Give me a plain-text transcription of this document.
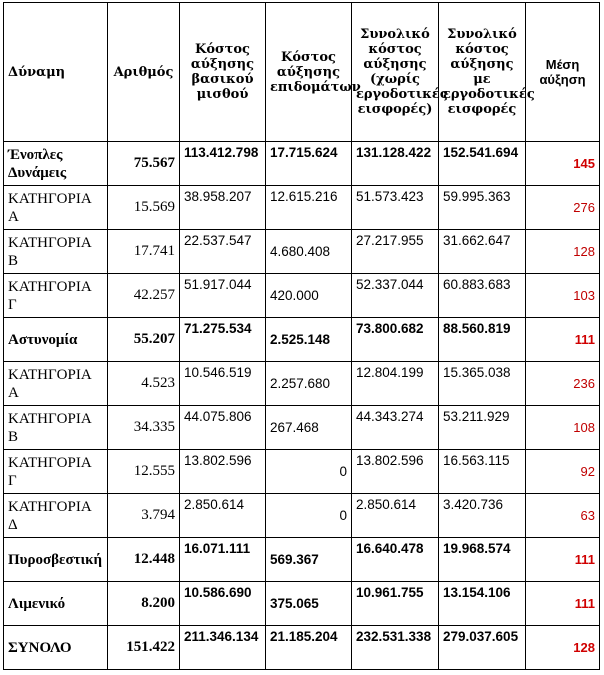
Δύναμη	Αριθμός	Κόστος αύξησης βασικού μισθού	Κόστος αύξησης επιδομάτων	Συνολικό κόστος αύξησης (χωρίς εργοδοτικές εισφορές)	Συνολικό κόστος αύξησης με εργοδοτικές εισφορές	Μέση αύξηση
Ένοπλες Δυνάμεις	75.567	113.412.798	17.715.624	131.128.422	152.541.694	145
ΚΑΤΗΓΟΡΙΑ Α	15.569	38.958.207	12.615.216	51.573.423	59.995.363	276
ΚΑΤΗΓΟΡΙΑ Β	17.741	22.537.547	4.680.408	27.217.955	31.662.647	128
ΚΑΤΗΓΟΡΙΑ Γ	42.257	51.917.044	420.000	52.337.044	60.883.683	103
Αστυνομία	55.207	71.275.534	2.525.148	73.800.682	88.560.819	111
ΚΑΤΗΓΟΡΙΑ Α	4.523	10.546.519	2.257.680	12.804.199	15.365.038	236
ΚΑΤΗΓΟΡΙΑ Β	34.335	44.075.806	267.468	44.343.274	53.211.929	108
ΚΑΤΗΓΟΡΙΑ Γ	12.555	13.802.596	0	13.802.596	16.563.115	92
ΚΑΤΗΓΟΡΙΑ Δ	3.794	2.850.614	0	2.850.614	3.420.736	63
Πυροσβεστική	12.448	16.071.111	569.367	16.640.478	19.968.574	111
Λιμενικό	8.200	10.586.690	375.065	10.961.755	13.154.106	111
ΣΥΝΟΛΟ	151.422	211.346.134	21.185.204	232.531.338	279.037.605	128
